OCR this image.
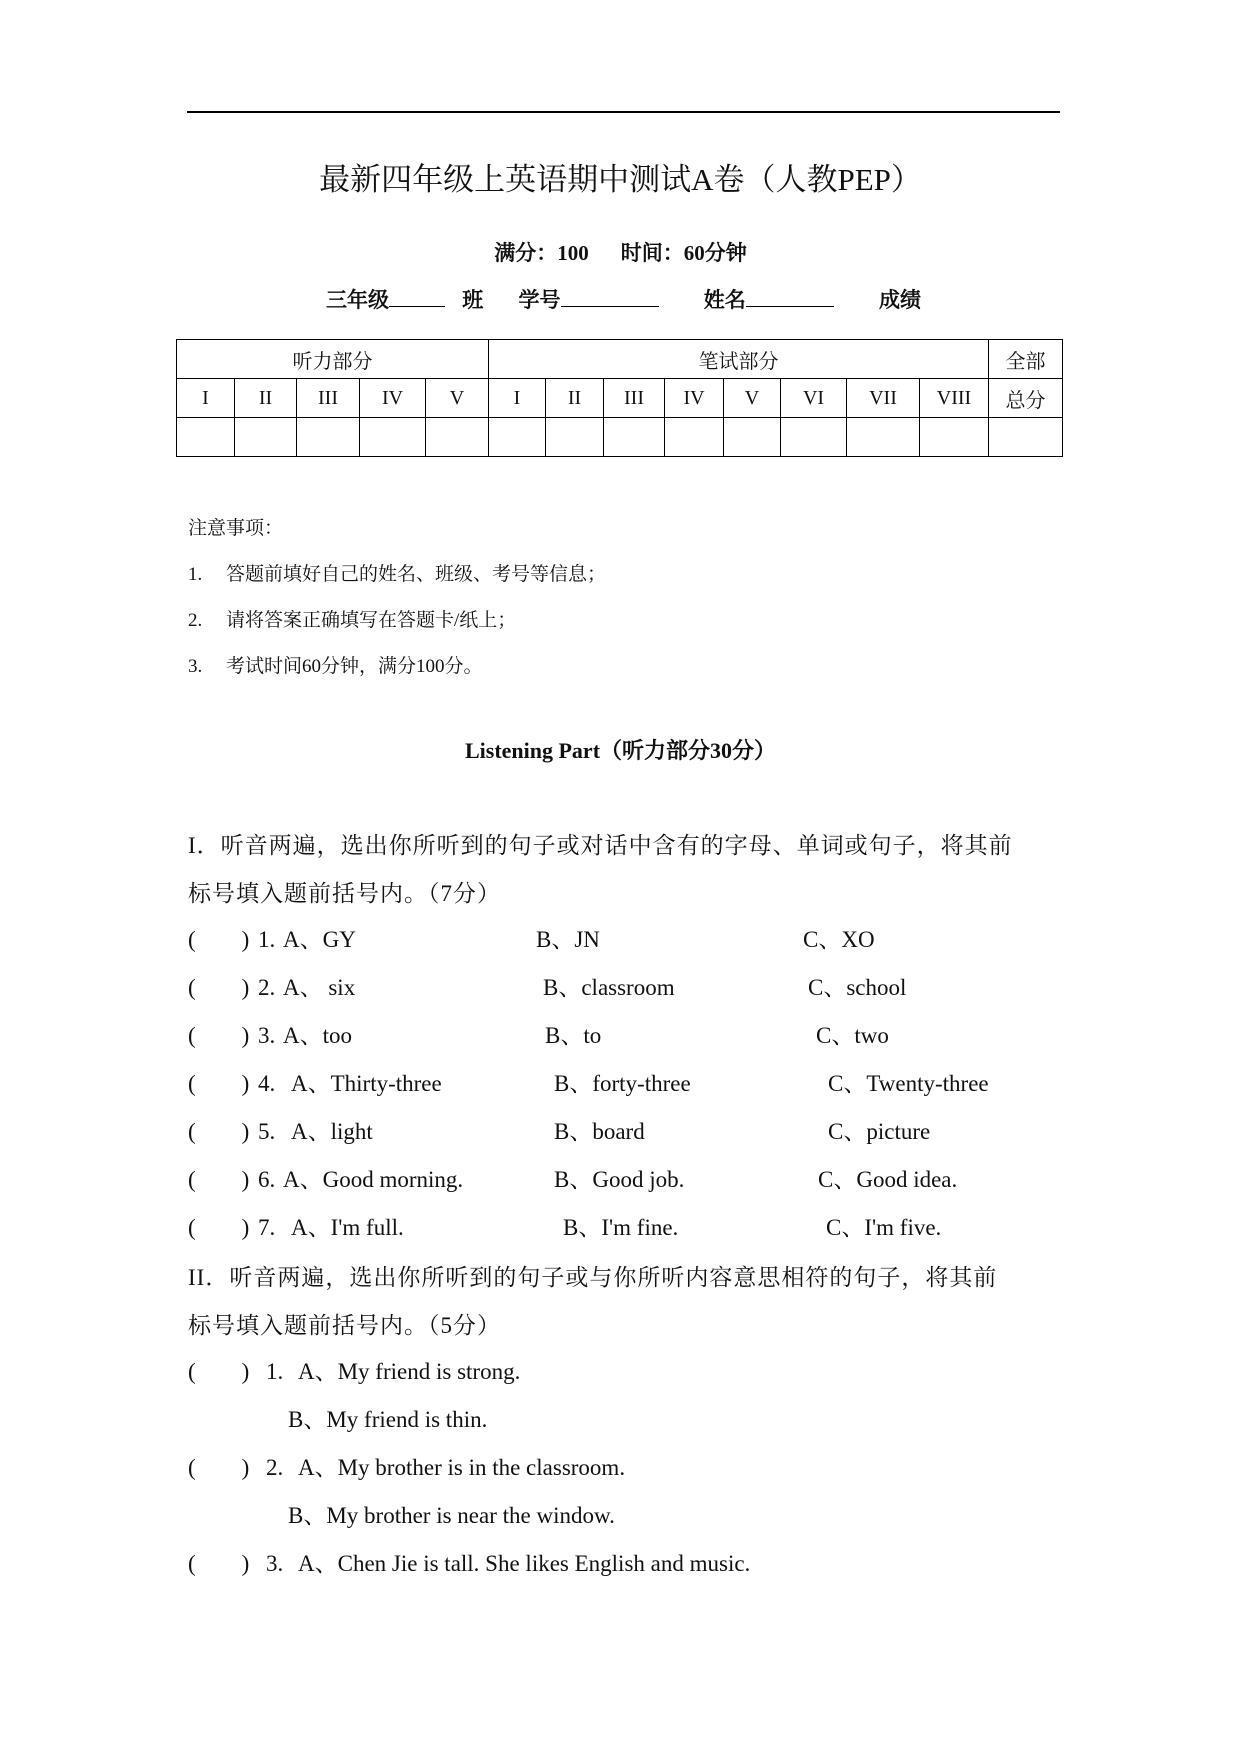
最新四年级上英语期中测试A卷（人教PEP）
满分：100 时间：60分钟
三年级	班 学号	姓名	成绩
听力部分					笔试部分								全部
I	II	III	IV	V	I	II	III	IV	V	VI	VII	VIII	总分

注意事项：
1. 答题前填好自己的姓名、班级、考号等信息；
2. 请将答案正确填写在答题卡/纸上；
3. 考试时间60分钟，满分100分。
Listening Part（听力部分30分）
I．听音两遍，选出你所听到的句子或对话中含有的字母、单词或句子，将其前
标号填入题前括号内。（7分）
(　　) 1. A、GY	B、JN	C、XO
(　　) 2. A、 six	B、classroom	C、school
(　　) 3. A、too	B、to	C、two
(　　) 4. A、Thirty-three	B、forty-three	C、Twenty-three
(　　) 5. A、light	B、board	C、picture
(　　) 6. A、Good morning.	B、Good job.	C、Good idea.
(　　) 7. A、I'm full.	B、I'm fine.	C、I'm five.
II．听音两遍，选出你所听到的句子或与你所听内容意思相符的句子，将其前
标号填入题前括号内。（5分）
(　　) 1. A、My friend is strong.
B、My friend is thin.
(　　) 2. A、My brother is in the classroom.
B、My brother is near the window.
(　　) 3. A、Chen Jie is tall. She likes English and music.
